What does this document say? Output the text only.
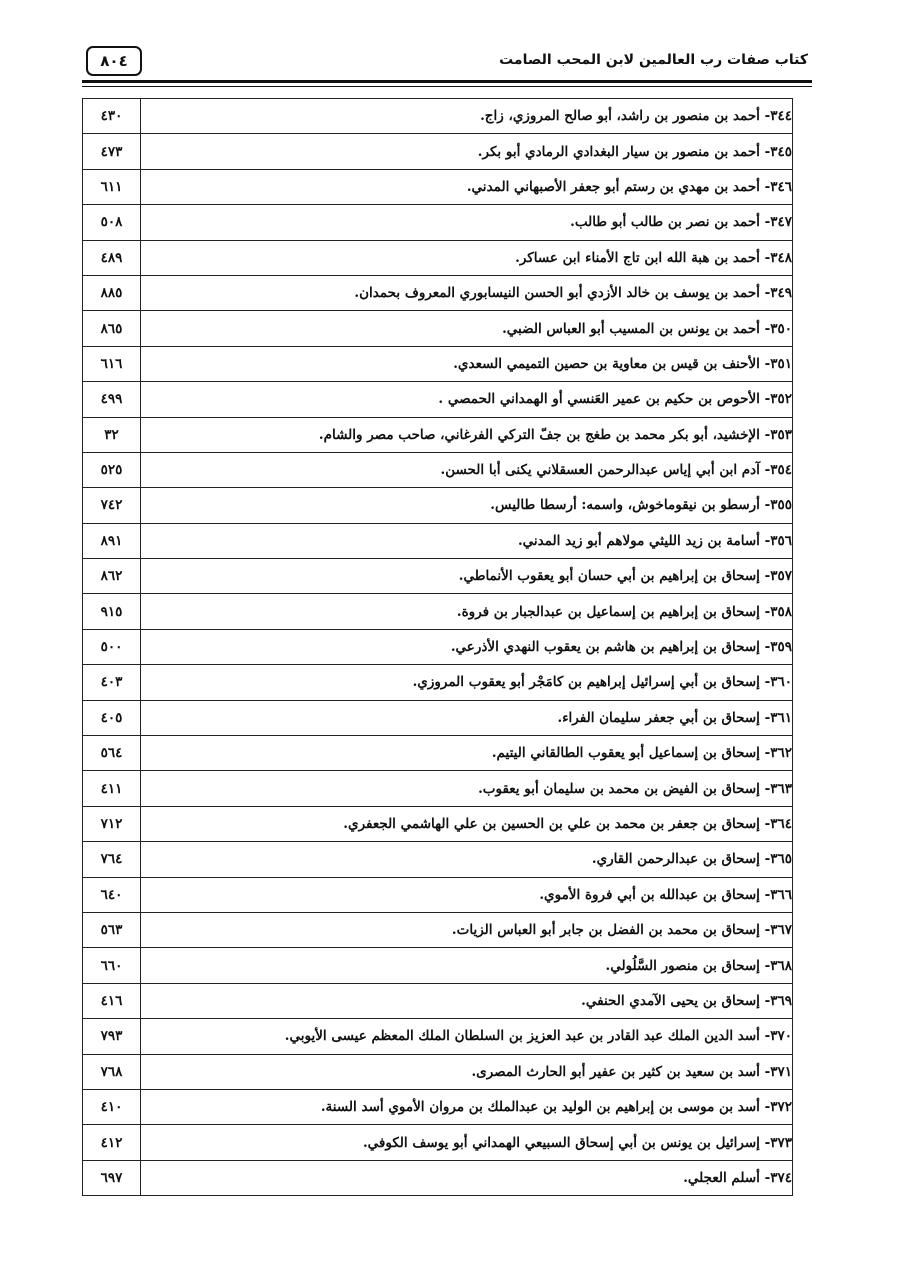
٨٠٤	كتاب صفات رب العالمين لابن المحب الصامت
٤٣٠	٣٤٤- أحمد بن منصور بن راشد، أبو صالح المروزي، زاج.
٤٧٣	٣٤٥- أحمد بن منصور بن سيار البغدادي الرمادي أبو بكر.
٦١١	٣٤٦- أحمد بن مهدي بن رستم أبو جعفر الأصبهاني المدني.
٥٠٨	٣٤٧- أحمد بن نصر بن طالب أبو طالب.
٤٨٩	٣٤٨- أحمد بن هبة الله ابن تاج الأمناء ابن عساكر.
٨٨٥	٣٤٩- أحمد بن يوسف بن خالد الأزدي أبو الحسن النيسابوري المعروف بحمدان.
٨٦٥	٣٥٠- أحمد بن يونس بن المسيب أبو العباس الضبي.
٦١٦	٣٥١- الأحنف بن قيس بن معاوية بن حصين التميمي السعدي.
٤٩٩	٣٥٢- الأحوص بن حكيم بن عمير العَنسي أو الهمداني الحمصي .
٣٢	٣٥٣- الإخشيد، أبو بكر محمد بن طغج بن جفّ التركي الفرغاني، صاحب مصر والشام.
٥٢٥	٣٥٤- آدم ابن أبي إياس عبدالرحمن العسقلاني يكنى أبا الحسن.
٧٤٢	٣٥٥- أرسطو بن نيقوماخوش، واسمه: أرسطا طاليس.
٨٩١	٣٥٦- أسامة بن زيد الليثي مولاهم أبو زيد المدني.
٨٦٢	٣٥٧- إسحاق بن إبراهيم بن أبي حسان أبو يعقوب الأنماطي.
٩١٥	٣٥٨- إسحاق بن إبراهيم بن إسماعيل بن عبدالجبار بن فروة.
٥٠٠	٣٥٩- إسحاق بن إبراهيم بن هاشم بن يعقوب النهدي الأذرعي.
٤٠٣	٣٦٠- إسحاق بن أبي إسرائيل إبراهيم بن كامَجْر أبو يعقوب المروزي.
٤٠٥	٣٦١- إسحاق بن أبي جعفر سليمان الفراء.
٥٦٤	٣٦٢- إسحاق بن إسماعيل أبو يعقوب الطالقاني اليتيم.
٤١١	٣٦٣- إسحاق بن الفيض بن محمد بن سليمان أبو يعقوب.
٧١٢	٣٦٤- إسحاق بن جعفر بن محمد بن علي بن الحسين بن علي الهاشمي الجعفري.
٧٦٤	٣٦٥- إسحاق بن عبدالرحمن القاري.
٦٤٠	٣٦٦- إسحاق بن عبدالله بن أبي فروة الأموي.
٥٦٣	٣٦٧- إسحاق بن محمد بن الفضل بن جابر أبو العباس الزيات.
٦٦٠	٣٦٨- إسحاق بن منصور السَّلُولي.
٤١٦	٣٦٩- إسحاق بن يحيى الآمدي الحنفي.
٧٩٣	٣٧٠- أسد الدين الملك عبد القادر بن عبد العزيز بن السلطان الملك المعظم عيسى الأيوبي.
٧٦٨	٣٧١- أسد بن سعيد بن كثير بن عفير أبو الحارث المصرى.
٤١٠	٣٧٢- أسد بن موسى بن إبراهيم بن الوليد بن عبدالملك بن مروان الأموي أسد السنة.
٤١٢	٣٧٣- إسرائيل بن يونس بن أبي إسحاق السبيعي الهمداني أبو يوسف الكوفي.
٦٩٧	٣٧٤- أسلم العجلي.
